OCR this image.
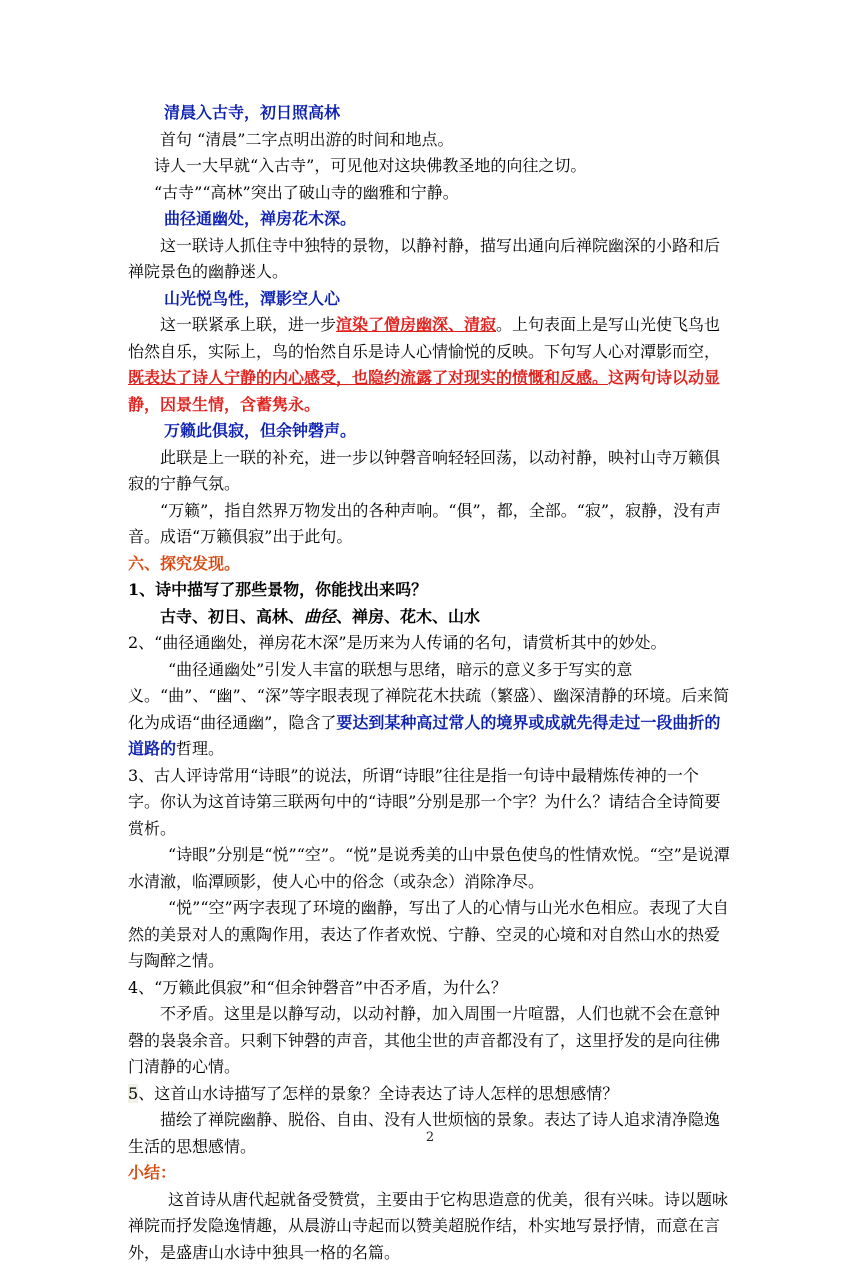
清晨入古寺，初日照高林

首句 “清晨”二字点明出游的时间和地点。

诗人一大早就“入古寺”，可见他对这块佛教圣地的向往之切。

“古寺”“高林”突出了破山寺的幽雅和宁静。

曲径通幽处，禅房花木深。

这一联诗人抓住寺中独特的景物，以静衬静，描写出通向后禅院幽深的小路和后禅院景色的幽静迷人。

山光悦鸟性，潭影空人心

这一联紧承上联，进一步渲染了僧房幽深、清寂。上句表面上是写山光使飞鸟也怡然自乐，实际上，鸟的怡然自乐是诗人心情愉悦的反映。下句写人心对潭影而空，既表达了诗人宁静的内心感受，也隐约流露了对现实的愤慨和反感。这两句诗以动显静，因景生情，含蓄隽永。

万籁此俱寂，但余钟磬声。

此联是上一联的补充，进一步以钟磬音响轻轻回荡，以动衬静，映衬山寺万籁俱寂的宁静气氛。

“万籁”，指自然界万物发出的各种声响。“俱”，都，全部。“寂”，寂静，没有声音。成语“万籁俱寂”出于此句。

六、探究发现。

1、诗中描写了那些景物，你能找出来吗？

古寺、初日、高林、曲径、禅房、花木、山水

2、“曲径通幽处，禅房花木深”是历来为人传诵的名句，请赏析其中的妙处。

“曲径通幽处”引发人丰富的联想与思绪，暗示的意义多于写实的意义。“曲”、“幽”、“深”等字眼表现了禅院花木扶疏（繁盛）、幽深清静的环境。后来简化为成语“曲径通幽”，隐含了要达到某种高过常人的境界或成就先得走过一段曲折的道路的哲理。

3、古人评诗常用“诗眼”的说法，所谓“诗眼”往往是指一句诗中最精炼传神的一个字。你认为这首诗第三联两句中的“诗眼”分别是那一个字？为什么？请结合全诗简要赏析。

“诗眼”分别是“悦”“空”。“悦”是说秀美的山中景色使鸟的性情欢悦。“空”是说潭水清澈，临潭顾影，使人心中的俗念（或杂念）消除净尽。

“悦”“空”两字表现了环境的幽静，写出了人的心情与山光水色相应。表现了大自然的美景对人的熏陶作用，表达了作者欢悦、宁静、空灵的心境和对自然山水的热爱与陶醉之情。

4、“万籁此俱寂”和“但余钟磬音”中否矛盾，为什么？

不矛盾。这里是以静写动，以动衬静，加入周围一片喧嚣，人们也就不会在意钟磬的袅袅余音。只剩下钟磬的声音，其他尘世的声音都没有了，这里抒发的是向往佛门清静的心情。

5、这首山水诗描写了怎样的景象？全诗表达了诗人怎样的思想感情？

描绘了禅院幽静、脱俗、自由、没有人世烦恼的景象。表达了诗人追求清净隐逸生活的思想感情。

小结：

这首诗从唐代起就备受赞赏，主要由于它构思造意的优美，很有兴味。诗以题咏禅院而抒发隐逸情趣，从晨游山寺起而以赞美超脱作结，朴实地写景抒情，而意在言外，是盛唐山水诗中独具一格的名篇。

2
